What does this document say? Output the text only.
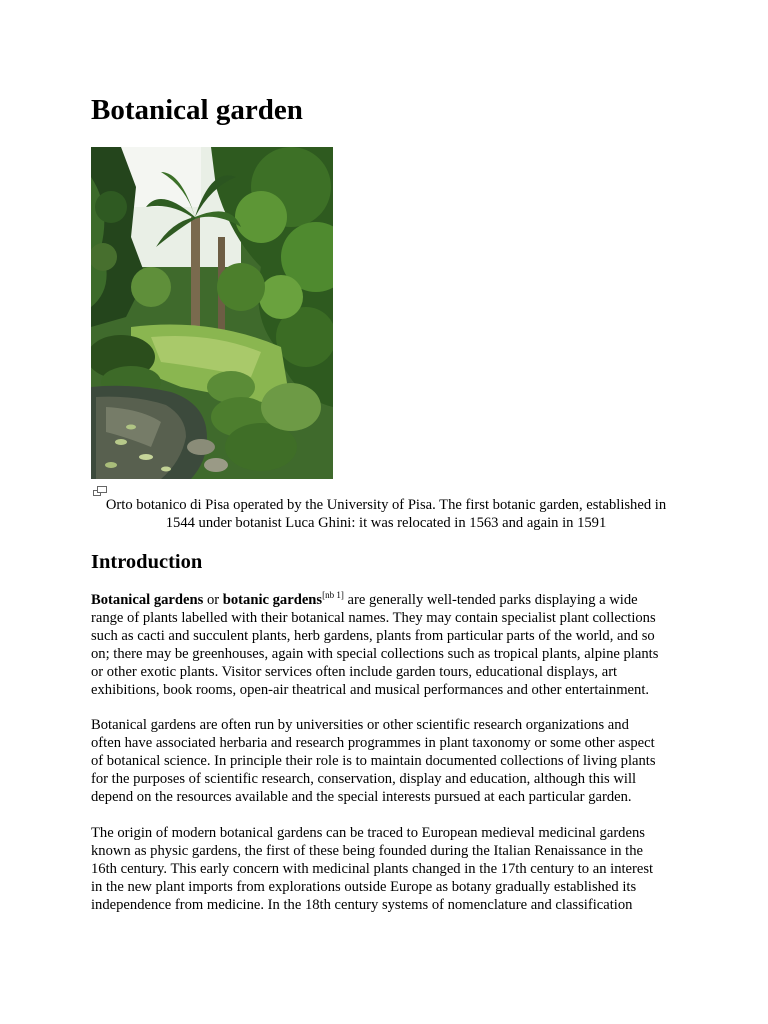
Botanical garden

Orto botanico di Pisa operated by the University of Pisa. The first botanic garden, established in
1544 under botanist Luca Ghini: it was relocated in 1563 and again in 1591

Introduction

Botanical gardens or botanic gardens[nb 1] are generally well-tended parks displaying a wide
range of plants labelled with their botanical names. They may contain specialist plant collections
such as cacti and succulent plants, herb gardens, plants from particular parts of the world, and so
on; there may be greenhouses, again with special collections such as tropical plants, alpine plants
or other exotic plants. Visitor services often include garden tours, educational displays, art
exhibitions, book rooms, open-air theatrical and musical performances and other entertainment.

Botanical gardens are often run by universities or other scientific research organizations and
often have associated herbaria and research programmes in plant taxonomy or some other aspect
of botanical science. In principle their role is to maintain documented collections of living plants
for the purposes of scientific research, conservation, display and education, although this will
depend on the resources available and the special interests pursued at each particular garden.

The origin of modern botanical gardens can be traced to European medieval medicinal gardens
known as physic gardens, the first of these being founded during the Italian Renaissance in the
16th century. This early concern with medicinal plants changed in the 17th century to an interest
in the new plant imports from explorations outside Europe as botany gradually established its
independence from medicine. In the 18th century systems of nomenclature and classification
